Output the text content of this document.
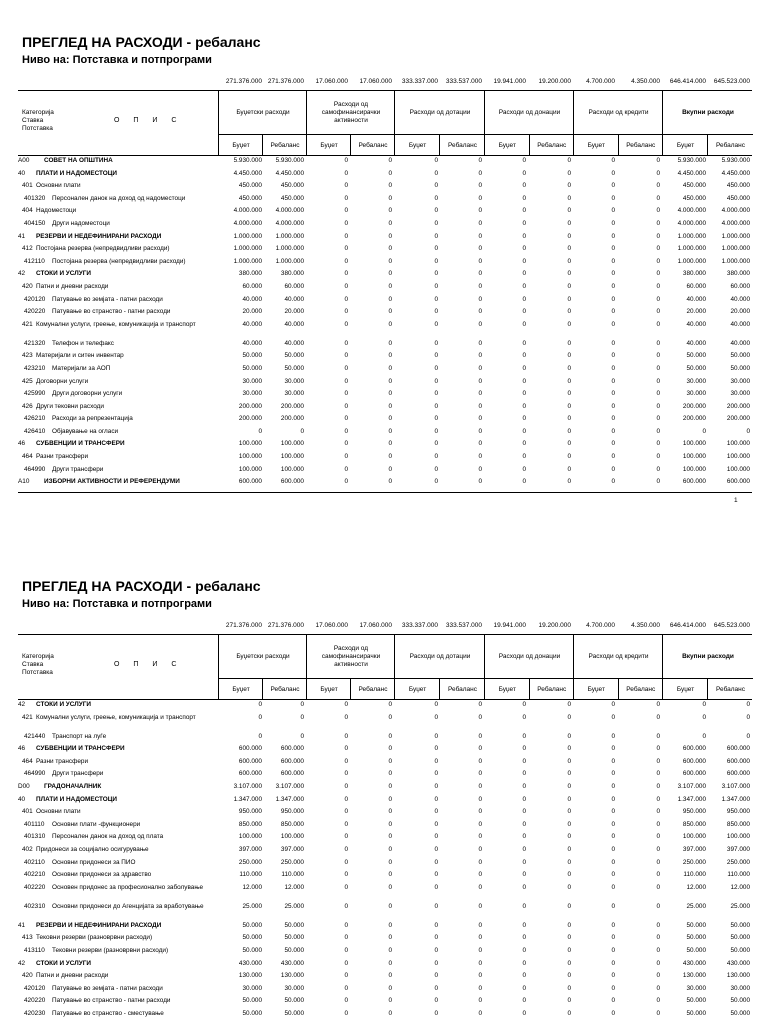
ПРЕГЛЕД НА РАСХОДИ - ребаланс
Ниво на: Потставка и потпрограми
271.376.000 271.376.000	17.060.000	17.060.000	333.337.000	333.537.000	19.941.000	19.200.000	4.700.000	4.350.000	646.414.000	645.523.000
Категорија
Ставка
Потставка
О П И С
Буџетски расходи
Буџет	Ребаланс
Расходи од самофинансирачки активности
Буџет	Ребаланс
Расходи од дотации
Буџет	Ребаланс
Расходи од донации
Буџет	Ребаланс
Расходи од кредити
Буџет	Ребаланс
Вкупни расходи
Буџет	Ребаланс
A00 СОВЕТ НА ОПШТИНА	5.930.000	5.930.000	0	0	0	0	0	0	0	0	5.930.000	5.930.000
40 ПЛАТИ И НАДОМЕСТОЦИ	4.450.000	4.450.000	0	0	0	0	0	0	0	0	4.450.000	4.450.000
401 Основни плати	450.000	450.000	0	0	0	0	0	0	0	0	450.000	450.000
401320 Персонален данок на доход од надоместоци	450.000	450.000	0	0	0	0	0	0	0	0	450.000	450.000
404 Надоместоци	4.000.000	4.000.000	0	0	0	0	0	0	0	0	4.000.000	4.000.000
404150 Други надоместоци	4.000.000	4.000.000	0	0	0	0	0	0	0	0	4.000.000	4.000.000
41 РЕЗЕРВИ И НЕДЕФИНИРАНИ РАСХОДИ	1.000.000	1.000.000	0	0	0	0	0	0	0	0	1.000.000	1.000.000
412 Постојана резерва (непредвидливи расходи)	1.000.000	1.000.000	0	0	0	0	0	0	0	0	1.000.000	1.000.000
412110 Постојана резерва (непредвидливи расходи)	1.000.000	1.000.000	0	0	0	0	0	0	0	0	1.000.000	1.000.000
42 СТОКИ И УСЛУГИ	380.000	380.000	0	0	0	0	0	0	0	0	380.000	380.000
420 Патни и дневни расходи	60.000	60.000	0	0	0	0	0	0	0	0	60.000	60.000
420120 Патување во земјата - патни расходи	40.000	40.000	0	0	0	0	0	0	0	0	40.000	40.000
420220 Патување во странство - патни расходи	20.000	20.000	0	0	0	0	0	0	0	0	20.000	20.000
421 Комунални услуги, греење, комуникација и транспорт	40.000	40.000	0	0	0	0	0	0	0	0	40.000	40.000
421320 Телефон и телефакс	40.000	40.000	0	0	0	0	0	0	0	0	40.000	40.000
423 Материјали и ситен инвентар	50.000	50.000	0	0	0	0	0	0	0	0	50.000	50.000
423210 Материјали за АОП	50.000	50.000	0	0	0	0	0	0	0	0	50.000	50.000
425 Договорни услуги	30.000	30.000	0	0	0	0	0	0	0	0	30.000	30.000
425990 Други договорни услуги	30.000	30.000	0	0	0	0	0	0	0	0	30.000	30.000
426 Други тековни расходи	200.000	200.000	0	0	0	0	0	0	0	0	200.000	200.000
426210 Расходи за репрезентација	200.000	200.000	0	0	0	0	0	0	0	0	200.000	200.000
426410 Објавување на огласи	0	0	0	0	0	0	0	0	0	0	0	0
46 СУБВЕНЦИИ И ТРАНСФЕРИ	100.000	100.000	0	0	0	0	0	0	0	0	100.000	100.000
464 Разни трансфери	100.000	100.000	0	0	0	0	0	0	0	0	100.000	100.000
464990 Други трансфери	100.000	100.000	0	0	0	0	0	0	0	0	100.000	100.000
A10 ИЗБОРНИ АКТИВНОСТИ И РЕФЕРЕНДУМИ	600.000	600.000	0	0	0	0	0	0	0	0	600.000	600.000
1
ПРЕГЛЕД НА РАСХОДИ - ребаланс
Ниво на: Потставка и потпрограми
271.376.000 271.376.000	17.060.000	17.060.000	333.337.000	333.537.000	19.941.000	19.200.000	4.700.000	4.350.000	646.414.000	645.523.000
Категорија
Ставка
Потставка
О П И С
Буџетски расходи
Буџет	Ребаланс
Расходи од самофинансирачки активности
Буџет	Ребаланс
Расходи од дотации
Буџет	Ребаланс
Расходи од донации
Буџет	Ребаланс
Расходи од кредити
Буџет	Ребаланс
Вкупни расходи
Буџет	Ребаланс
42 СТОКИ И УСЛУГИ	0	0	0	0	0	0	0	0	0	0	0	0
421 Комунални услуги, греење, комуникација и транспорт	0	0	0	0	0	0	0	0	0	0	0	0
421440 Транспорт на луѓе	0	0	0	0	0	0	0	0	0	0	0	0
46 СУБВЕНЦИИ И ТРАНСФЕРИ	600.000	600.000	0	0	0	0	0	0	0	0	600.000	600.000
464 Разни трансфери	600.000	600.000	0	0	0	0	0	0	0	0	600.000	600.000
464990 Други трансфери	600.000	600.000	0	0	0	0	0	0	0	0	600.000	600.000
D00 ГРАДОНАЧАЛНИК	3.107.000	3.107.000	0	0	0	0	0	0	0	0	3.107.000	3.107.000
40 ПЛАТИ И НАДОМЕСТОЦИ	1.347.000	1.347.000	0	0	0	0	0	0	0	0	1.347.000	1.347.000
401 Основни плати	950.000	950.000	0	0	0	0	0	0	0	0	950.000	950.000
401110 Основни плати -функционери	850.000	850.000	0	0	0	0	0	0	0	0	850.000	850.000
401310 Персонален данок на доход од плата	100.000	100.000	0	0	0	0	0	0	0	0	100.000	100.000
402 Придонеси за социјално осигурување	397.000	397.000	0	0	0	0	0	0	0	0	397.000	397.000
402110 Основни придонеси за ПИО	250.000	250.000	0	0	0	0	0	0	0	0	250.000	250.000
402210 Основни придонеси за здравство	110.000	110.000	0	0	0	0	0	0	0	0	110.000	110.000
402220 Основен придонес за професионално заболување	12.000	12.000	0	0	0	0	0	0	0	0	12.000	12.000
402310 Основни придонеси до Агенцијата за вработување	25.000	25.000	0	0	0	0	0	0	0	0	25.000	25.000
41 РЕЗЕРВИ И НЕДЕФИНИРАНИ РАСХОДИ	50.000	50.000	0	0	0	0	0	0	0	0	50.000	50.000
413 Тековни резерви (разноврвни расходи)	50.000	50.000	0	0	0	0	0	0	0	0	50.000	50.000
413110 Тековни резерви (разноврвни расходи)	50.000	50.000	0	0	0	0	0	0	0	0	50.000	50.000
42 СТОКИ И УСЛУГИ	430.000	430.000	0	0	0	0	0	0	0	0	430.000	430.000
420 Патни и дневни расходи	130.000	130.000	0	0	0	0	0	0	0	0	130.000	130.000
420120 Патување во земјата - патни расходи	30.000	30.000	0	0	0	0	0	0	0	0	30.000	30.000
420220 Патување во странство - патни расходи	50.000	50.000	0	0	0	0	0	0	0	0	50.000	50.000
420230 Патување во странство - сместување	50.000	50.000	0	0	0	0	0	0	0	0	50.000	50.000
